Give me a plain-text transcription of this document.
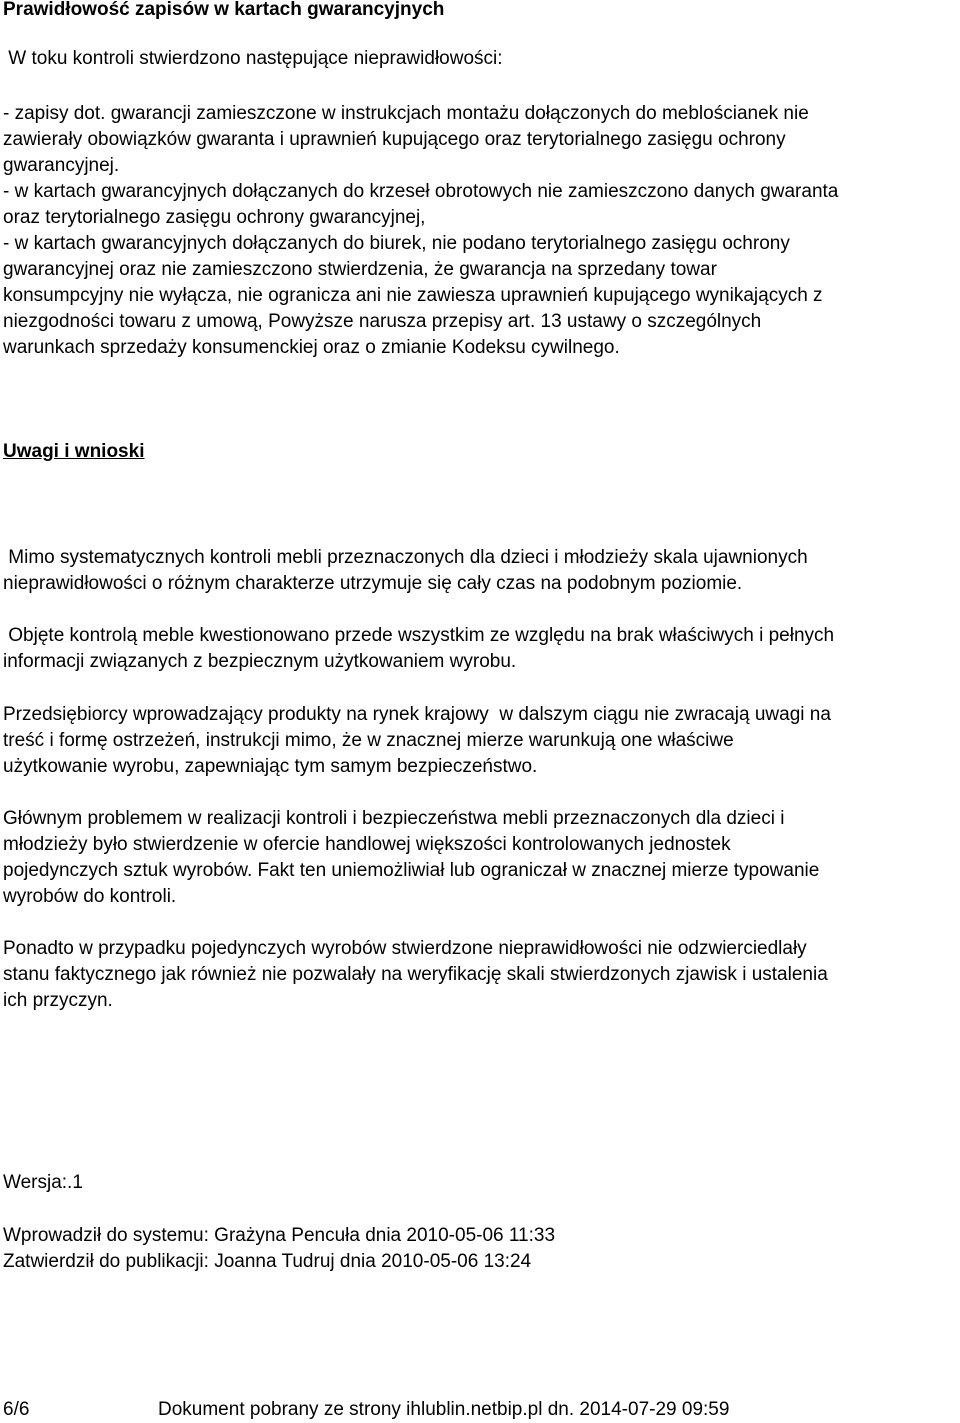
Prawidłowość zapisów w kartach gwarancyjnych
W toku kontroli stwierdzono następujące nieprawidłowości:
- zapisy dot. gwarancji zamieszczone w instrukcjach montażu dołączonych do meblościanek nie
zawierały obowiązków gwaranta i uprawnień kupującego oraz terytorialnego zasięgu ochrony
gwarancyjnej.
- w kartach gwarancyjnych dołączanych do krzeseł obrotowych nie zamieszczono danych gwaranta
oraz terytorialnego zasięgu ochrony gwarancyjnej,
- w kartach gwarancyjnych dołączanych do biurek, nie podano terytorialnego zasięgu ochrony
gwarancyjnej oraz nie zamieszczono stwierdzenia, że gwarancja na sprzedany towar
konsumpcyjny nie wyłącza, nie ogranicza ani nie zawiesza uprawnień kupującego wynikających z
niezgodności towaru z umową, Powyższe narusza przepisy art. 13 ustawy o szczególnych
warunkach sprzedaży konsumenckiej oraz o zmianie Kodeksu cywilnego.
Uwagi i wnioski
Mimo systematycznych kontroli mebli przeznaczonych dla dzieci i młodzieży skala ujawnionych
nieprawidłowości o różnym charakterze utrzymuje się cały czas na podobnym poziomie.
Objęte kontrolą meble kwestionowano przede wszystkim ze względu na brak właściwych i pełnych
informacji związanych z bezpiecznym użytkowaniem wyrobu.
Przedsiębiorcy wprowadzający produkty na rynek krajowy  w dalszym ciągu nie zwracają uwagi na
treść i formę ostrzeżeń, instrukcji mimo, że w znacznej mierze warunkują one właściwe
użytkowanie wyrobu, zapewniając tym samym bezpieczeństwo.
Głównym problemem w realizacji kontroli i bezpieczeństwa mebli przeznaczonych dla dzieci i
młodzieży było stwierdzenie w ofercie handlowej większości kontrolowanych jednostek
pojedynczych sztuk wyrobów. Fakt ten uniemożliwiał lub ograniczał w znacznej mierze typowanie
wyrobów do kontroli.
Ponadto w przypadku pojedynczych wyrobów stwierdzone nieprawidłowości nie odzwierciedlały
stanu faktycznego jak również nie pozwalały na weryfikację skali stwierdzonych zjawisk i ustalenia
ich przyczyn.
Wersja:.1
Wprowadził do systemu: Grażyna Pencuła dnia 2010-05-06 11:33
Zatwierdził do publikacji: Joanna Tudruj dnia 2010-05-06 13:24
6/6	Dokument pobrany ze strony ihlublin.netbip.pl dn. 2014-07-29 09:59
